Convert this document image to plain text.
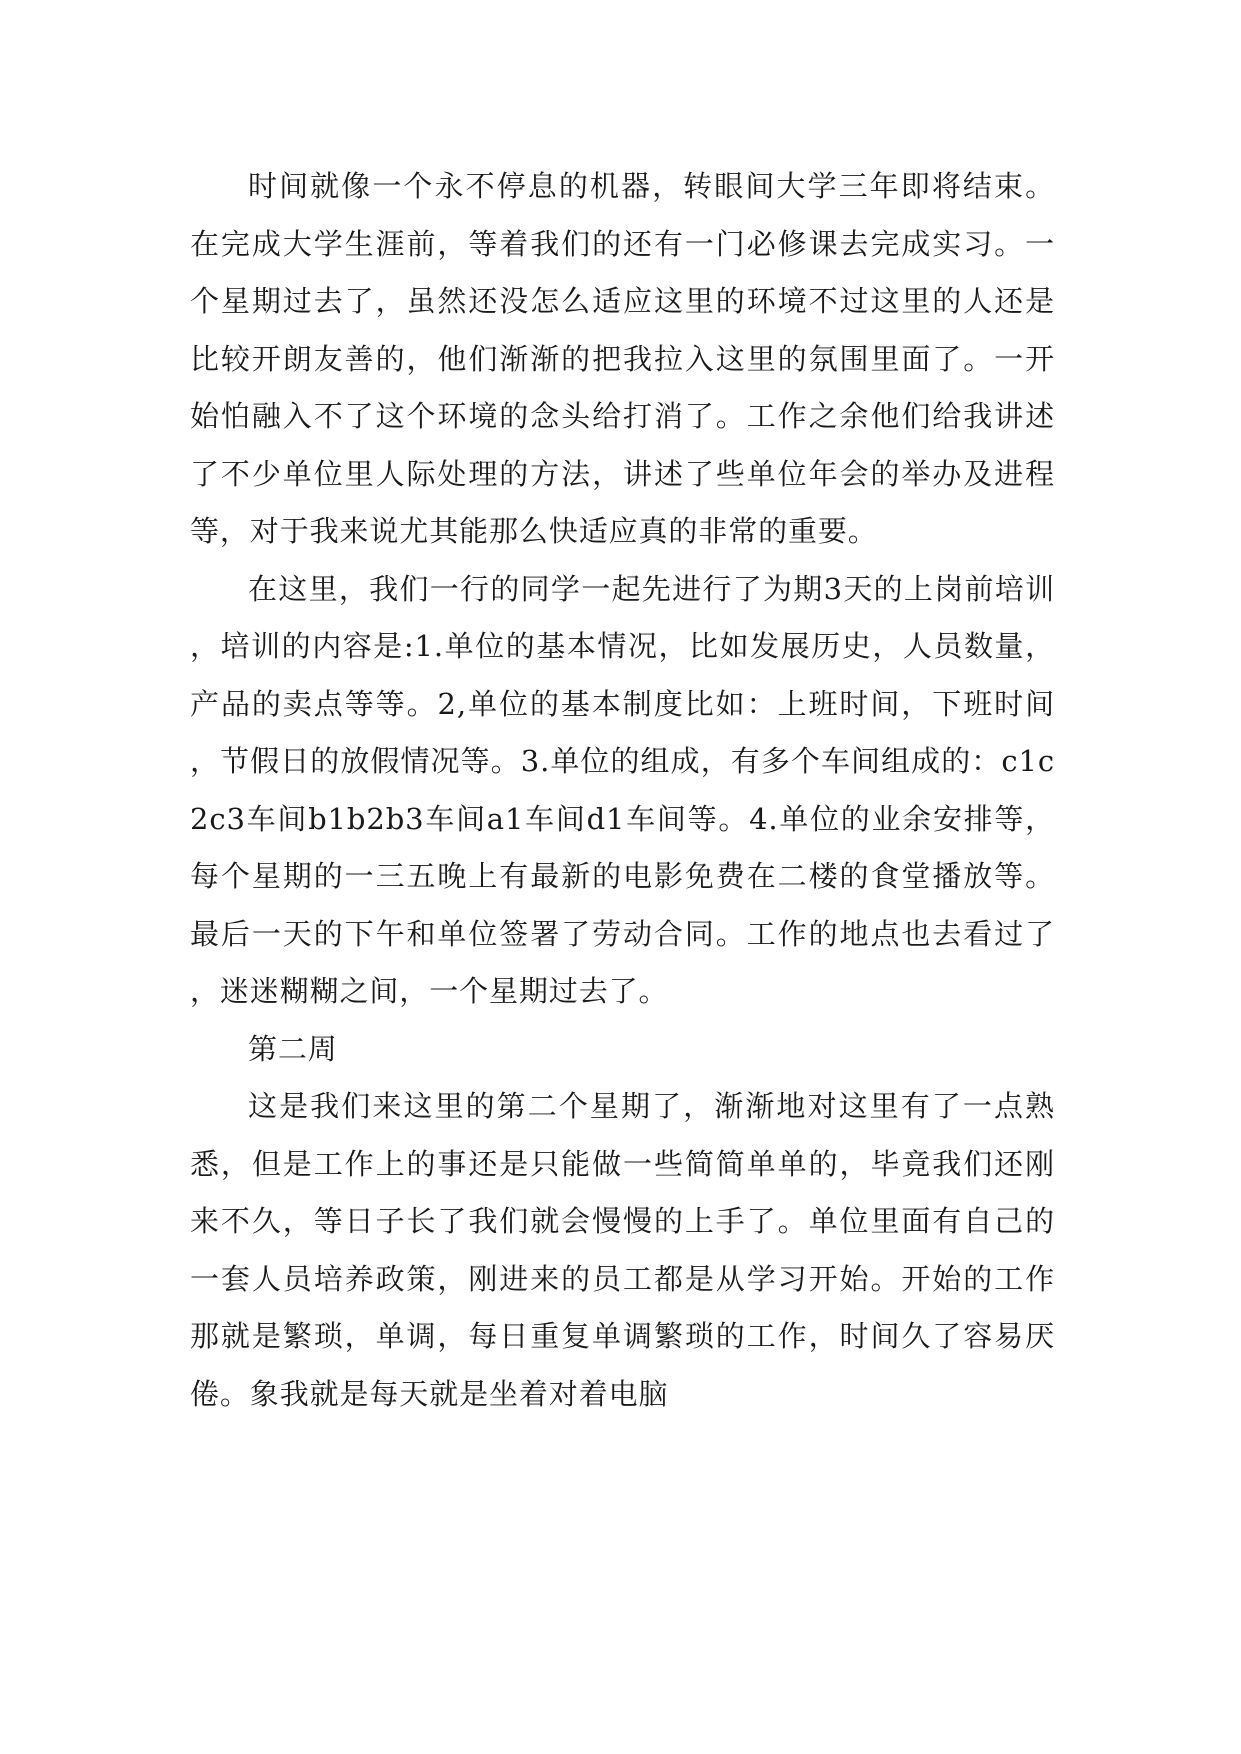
时间就像一个永不停息的机器，转眼间大学三年即将结束。在完成大学生涯前，等着我们的还有一门必修课去完成实习。一个星期过去了，虽然还没怎么适应这里的环境不过这里的人还是比较开朗友善的，他们渐渐的把我拉入这里的氛围里面了。一开始怕融入不了这个环境的念头给打消了。工作之余他们给我讲述了不少单位里人际处理的方法，讲述了些单位年会的举办及进程等，对于我来说尤其能那么快适应真的非常的重要。

在这里，我们一行的同学一起先进行了为期3天的上岗前培训，培训的内容是:1.单位的基本情况，比如发展历史，人员数量，产品的卖点等等。2,单位的基本制度比如：上班时间，下班时间，节假日的放假情况等。3.单位的组成，有多个车间组成的：c1c2c3车间b1b2b3车间a1车间d1车间等。4.单位的业余安排等，每个星期的一三五晚上有最新的电影免费在二楼的食堂播放等。最后一天的下午和单位签署了劳动合同。工作的地点也去看过了，迷迷糊糊之间，一个星期过去了。

第二周

这是我们来这里的第二个星期了，渐渐地对这里有了一点熟悉，但是工作上的事还是只能做一些简简单单的，毕竟我们还刚来不久，等日子长了我们就会慢慢的上手了。单位里面有自己的一套人员培养政策，刚进来的员工都是从学习开始。开始的工作那就是繁琐，单调，每日重复单调繁琐的工作，时间久了容易厌倦。象我就是每天就是坐着对着电脑
